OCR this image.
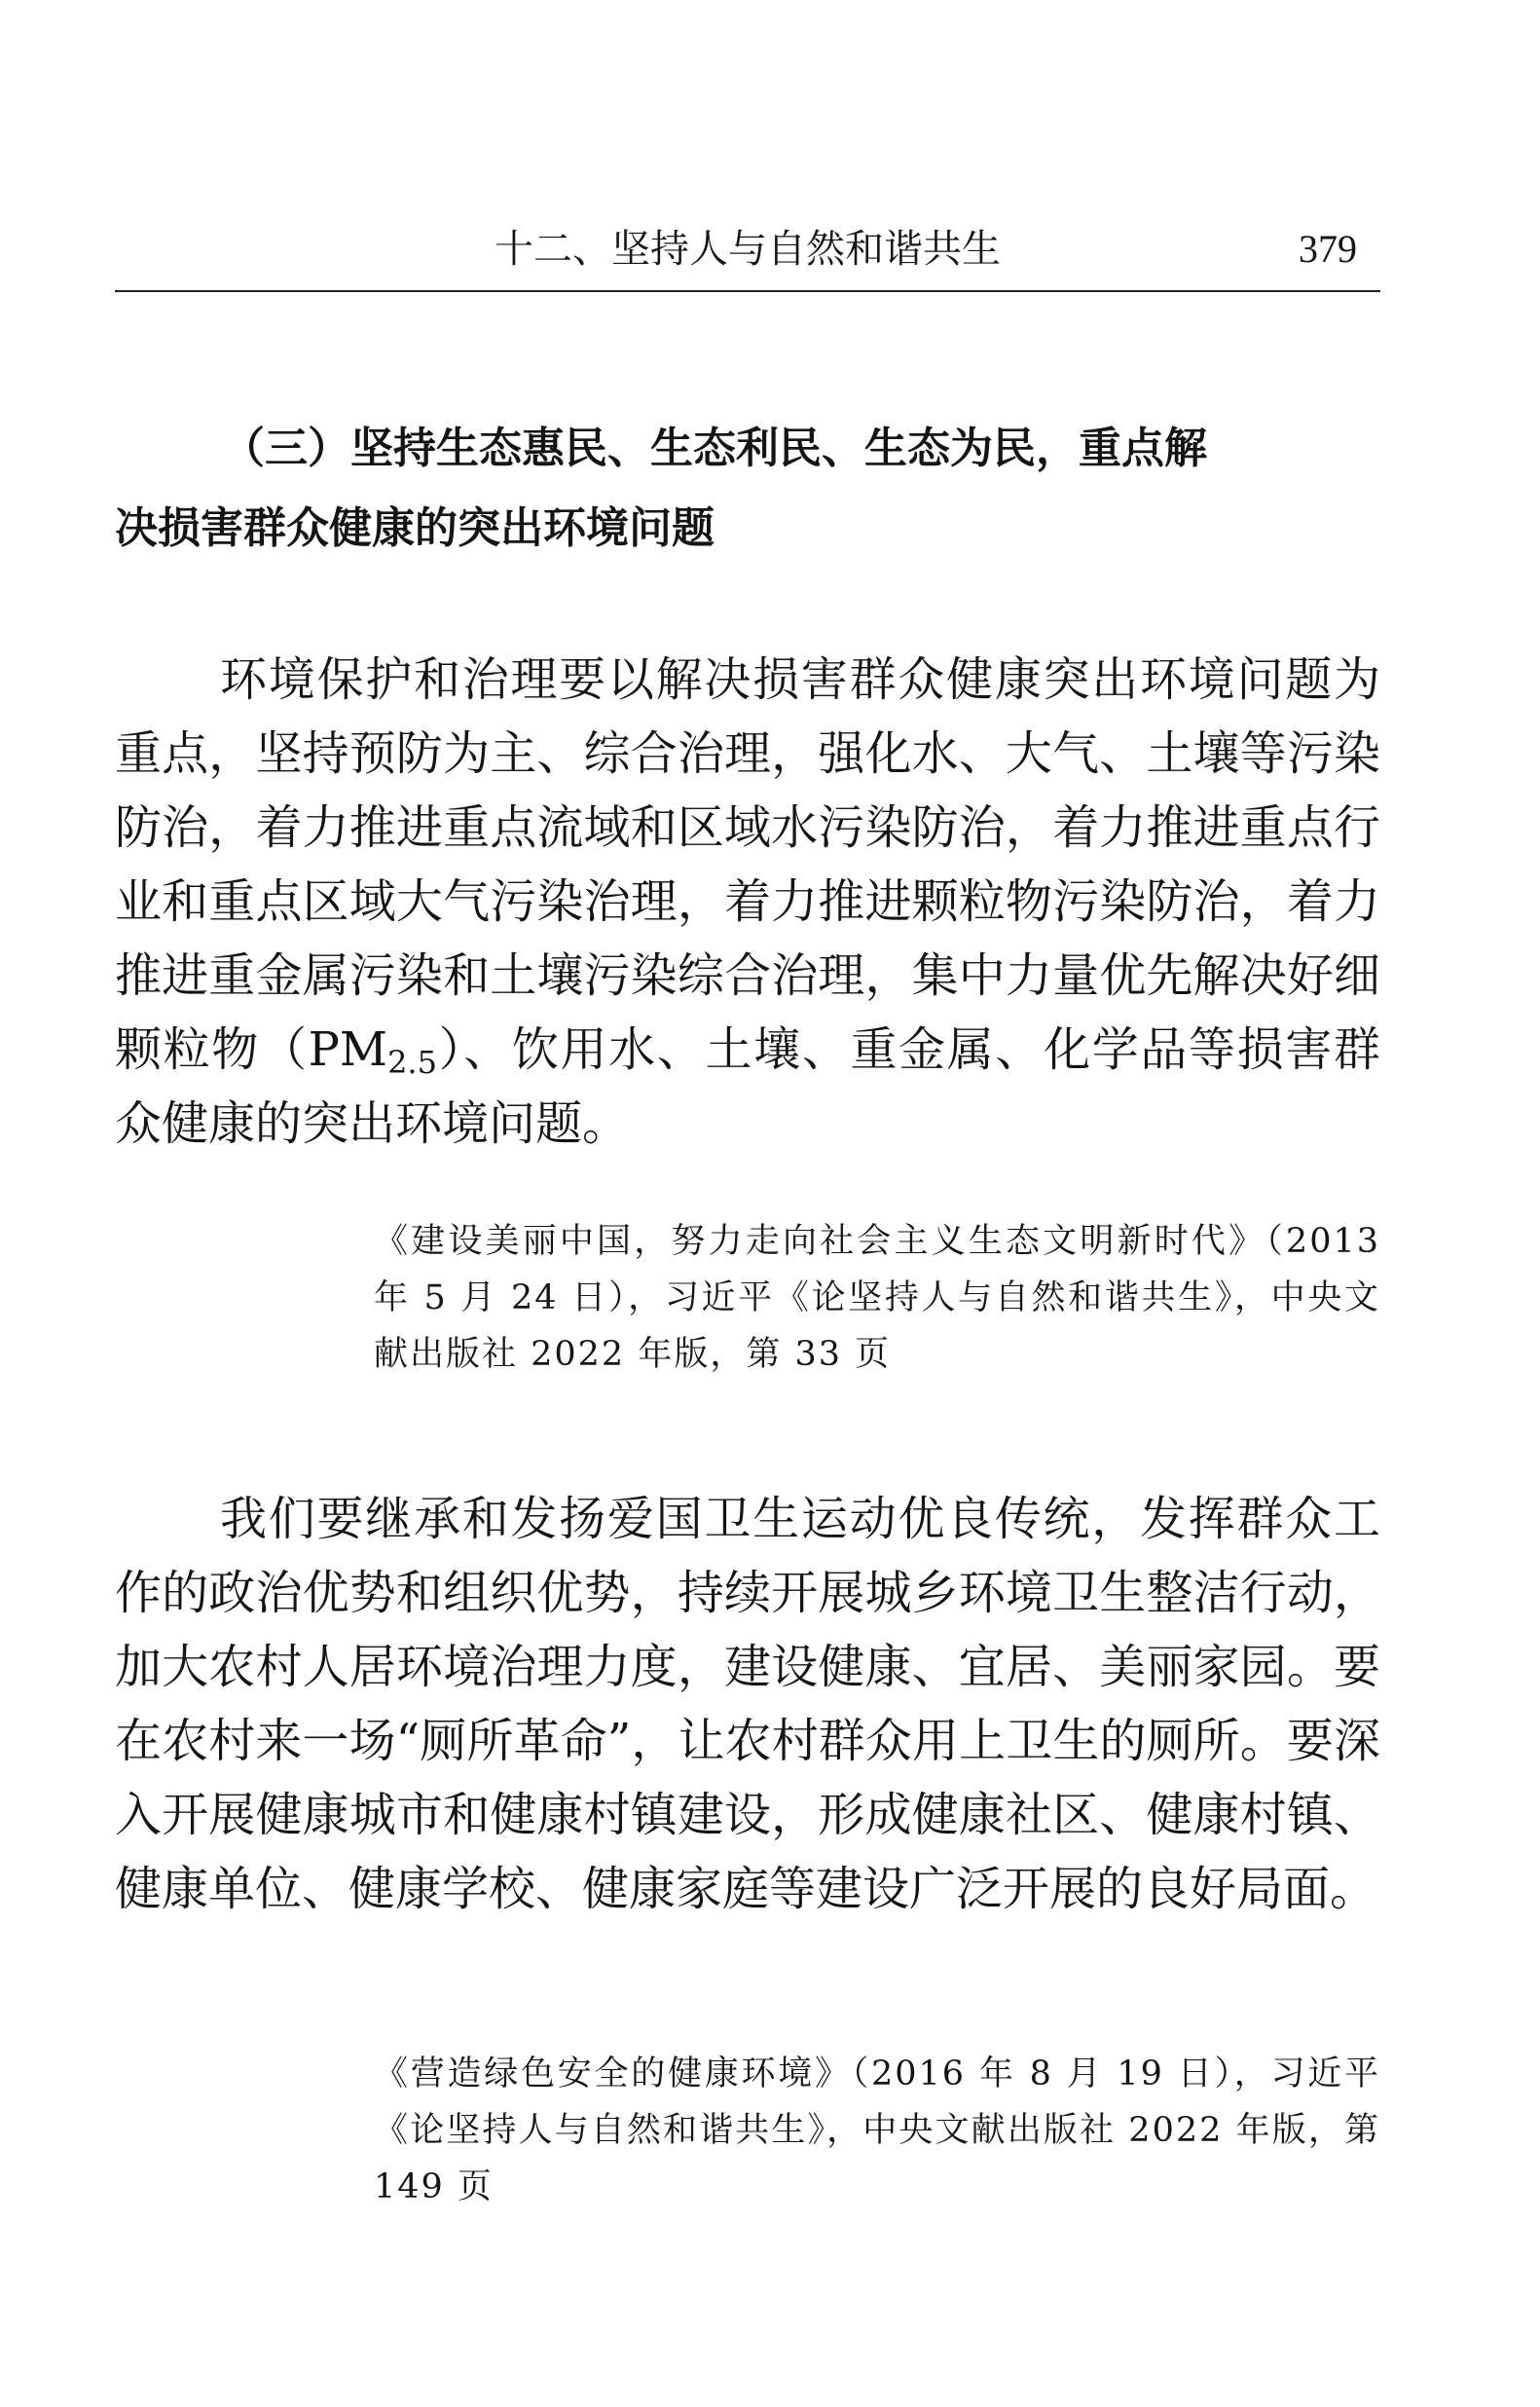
十二、坚持人与自然和谐共生	379
（三）坚持生态惠民、生态利民、生态为民，重点解
决损害群众健康的突出环境问题

环境保护和治理要以解决损害群众健康突出环境问题为重点，坚持预防为主、综合治理，强化水、大气、土壤等污染防治，着力推进重点流域和区域水污染防治，着力推进重点行业和重点区域大气污染治理，着力推进颗粒物污染防治，着力推进重金属污染和土壤污染综合治理，集中力量优先解决好细颗粒物$(PM_{2.5})$、饮用水、土壤、重金属、化学品等损害群众健康的突出环境问题。

《建设美丽中国，努力走向社会主义生态文明新时代》（2013 年 5 月 24 日），习近平《论坚持人与自然和谐共生》，中央文献出版社 2022 年版，第 33 页

我们要继承和发扬爱国卫生运动优良传统，发挥群众工作的政治优势和组织优势，持续开展城乡环境卫生整洁行动，加大农村人居环境治理力度，建设健康、宜居、美丽家园。要在农村来一场“厕所革命”，让农村群众用上卫生的厕所。要深入开展健康城市和健康村镇建设，形成健康社区、健康村镇、健康单位、健康学校、健康家庭等建设广泛开展的良好局面。

《营造绿色安全的健康环境》（2016 年 8 月 19 日），习近平《论坚持人与自然和谐共生》，中央文献出版社 2022 年版，第 149 页
